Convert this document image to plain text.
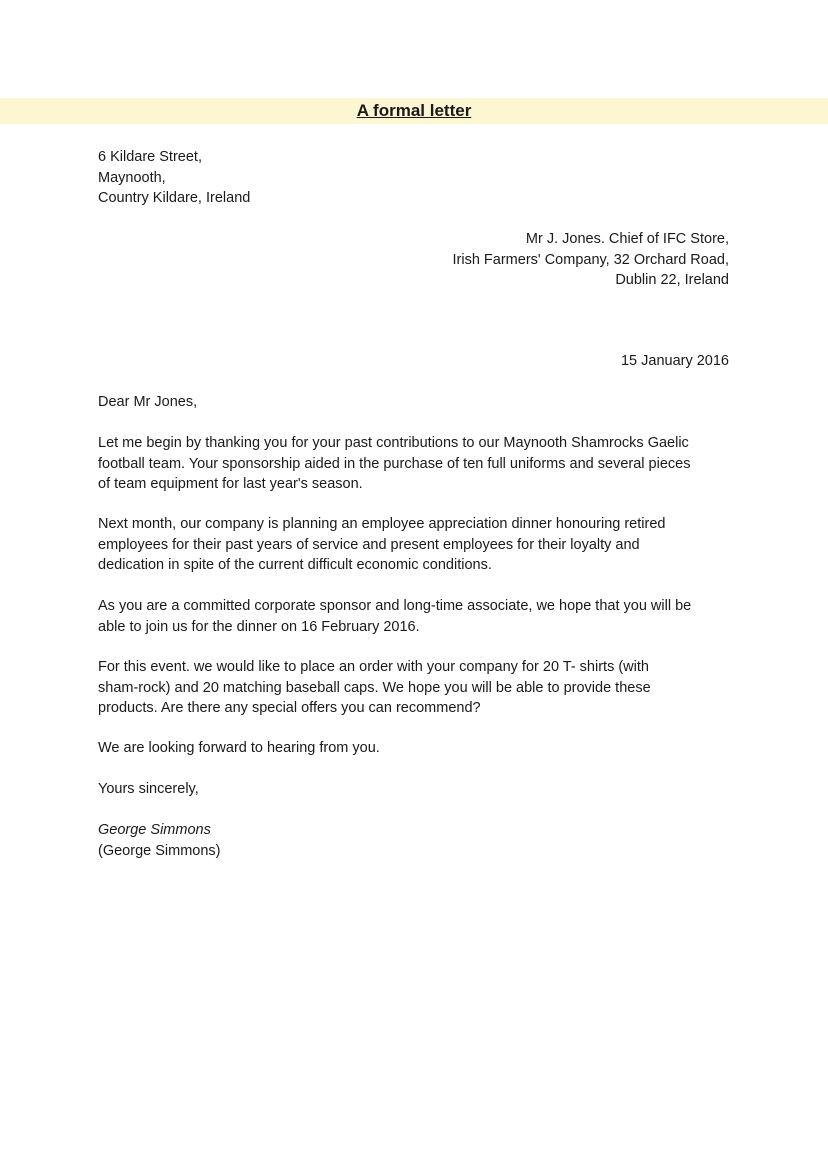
A formal letter
6 Kildare Street,
Maynooth,
Country Kildare, Ireland
Mr J. Jones. Chief of IFC Store,
Irish Farmers' Company, 32 Orchard Road,
Dublin 22, Ireland
15 January 2016
Dear Mr Jones,
Let me begin by thanking you for your past contributions to our Maynooth Shamrocks Gaelic
football team. Your sponsorship aided in the purchase of ten full uniforms and several pieces
of team equipment for last year's season.
Next month, our company is planning an employee appreciation dinner honouring retired
employees for their past years of service and present employees for their loyalty and
dedication in spite of the current difficult economic conditions.
As you are a committed corporate sponsor and long-time associate, we hope that you will be
able to join us for the dinner on 16 February 2016.
For this event. we would like to place an order with your company for 20 T- shirts (with
sham-rock) and 20 matching baseball caps. We hope you will be able to provide these
products. Are there any special offers you can recommend?
We are looking forward to hearing from you.
Yours sincerely,
George Simmons
(George Simmons)
